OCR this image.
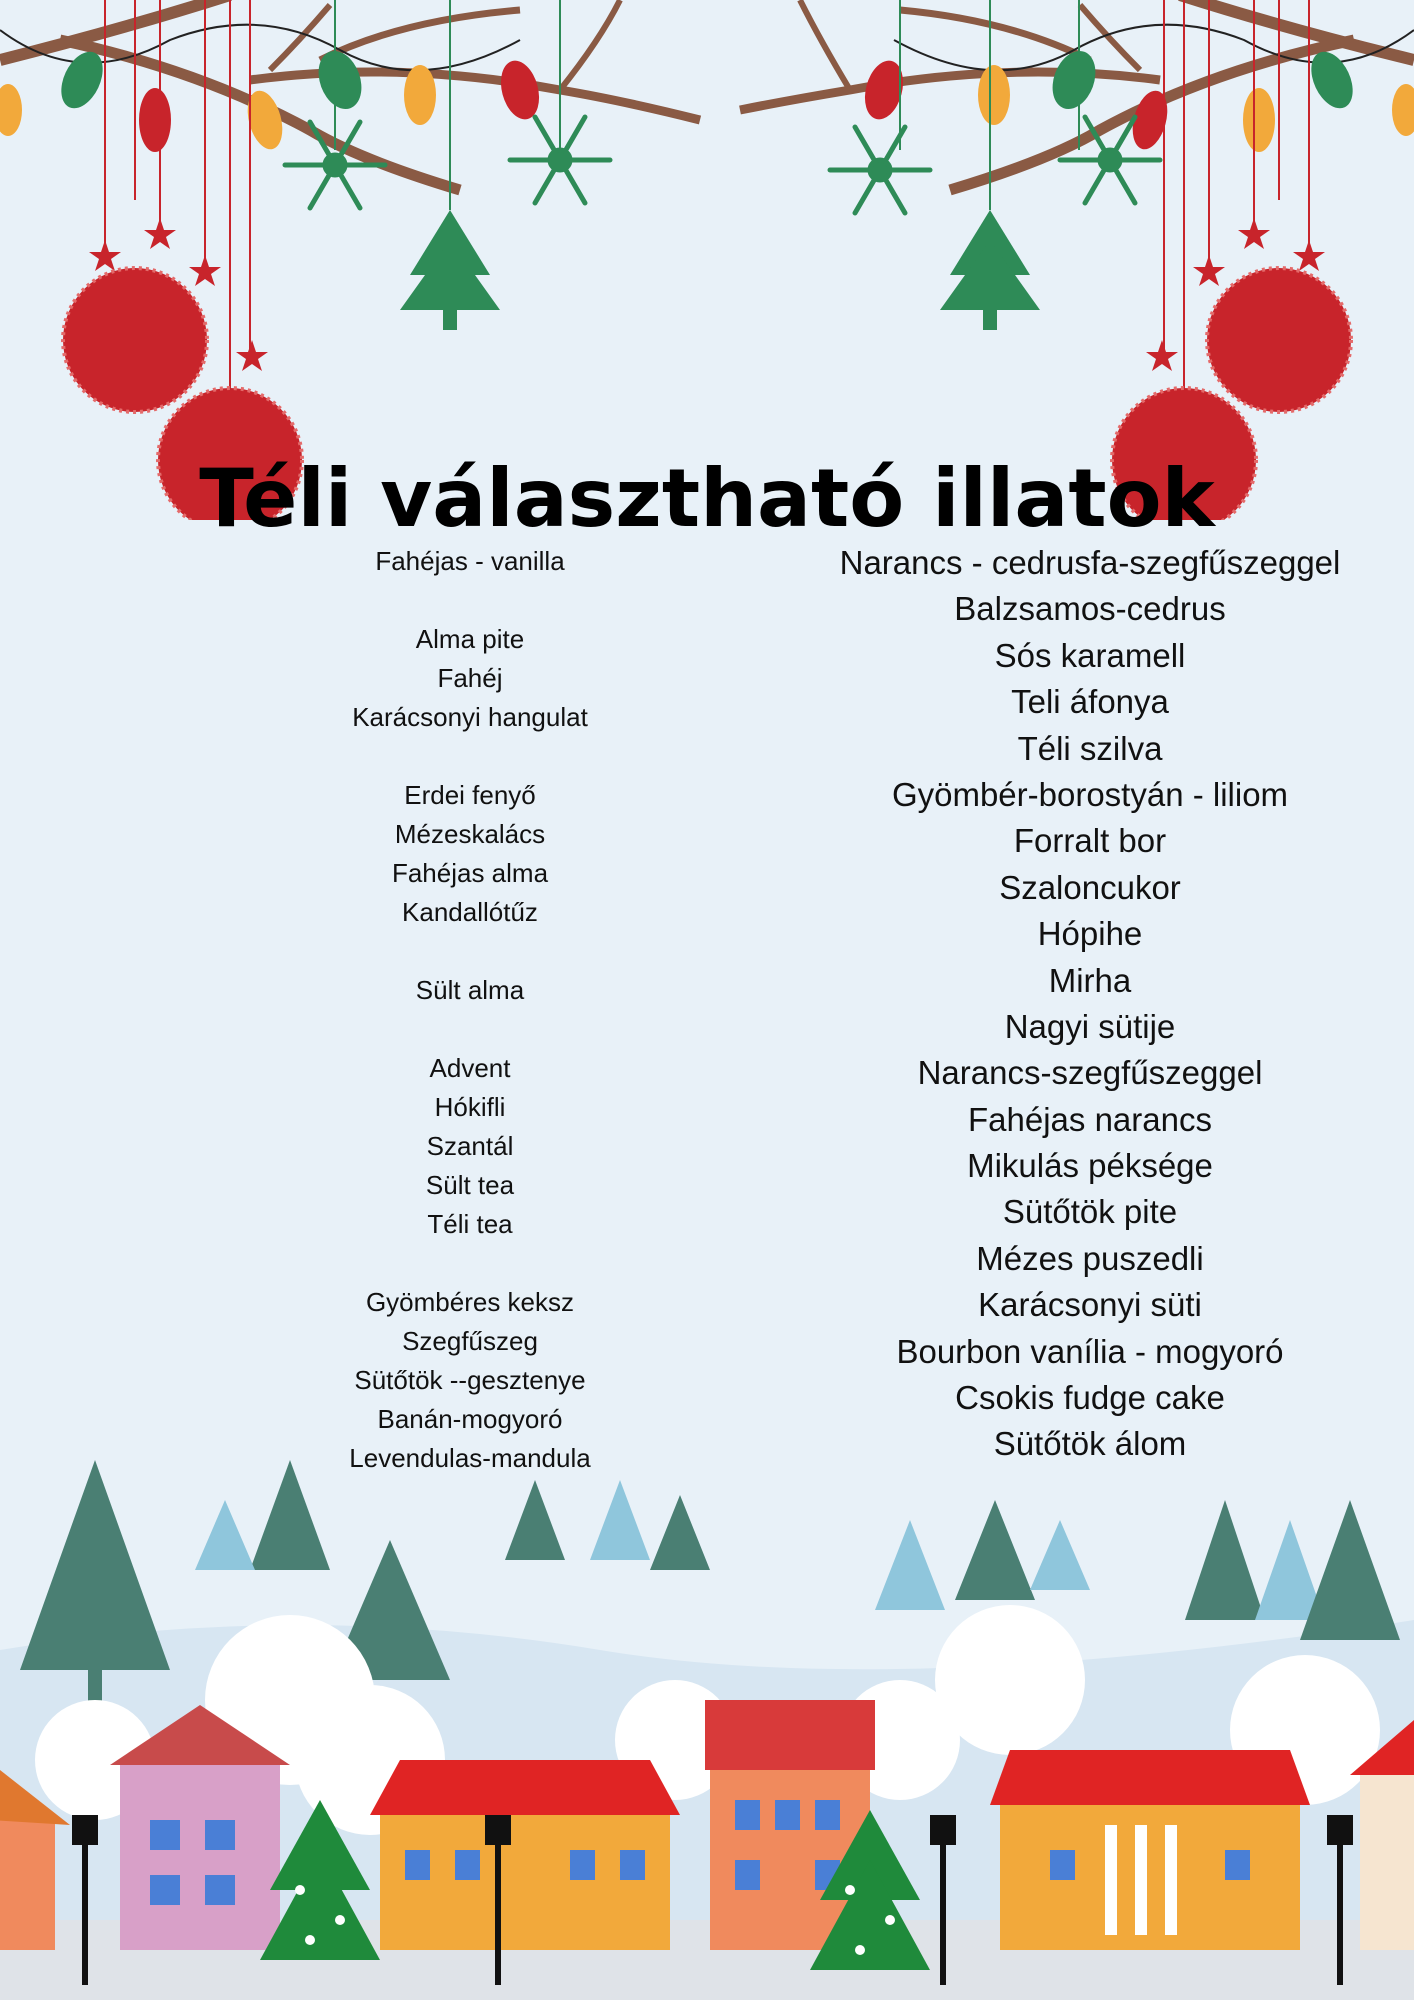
Téli választható illatok
Fahéjas - vanilla
Alma pite
Fahéj
Karácsonyi hangulat
Erdei fenyő
Mézeskalács
Fahéjas alma
Kandallótűz
Sült alma
Advent
Hókifli
Szantál
Sült tea
Téli tea
Gyömbéres keksz
Szegfűszeg
Sütőtök --gesztenye
Banán-mogyoró
Levendulas-mandula
Narancs - cedrusfa-szegfűszeggel
Balzsamos-cedrus
Sós karamell
Teli áfonya
Téli szilva
Gyömbér-borostyán - liliom
Forralt bor
Szaloncukor
Hópihe
Mirha
Nagyi sütije
Narancs-szegfűszeggel
Fahéjas narancs
Mikulás péksége
Sütőtök pite
Mézes puszedli
Karácsonyi süti
Bourbon vanília - mogyoró
Csokis fudge cake
Sütőtök álom
